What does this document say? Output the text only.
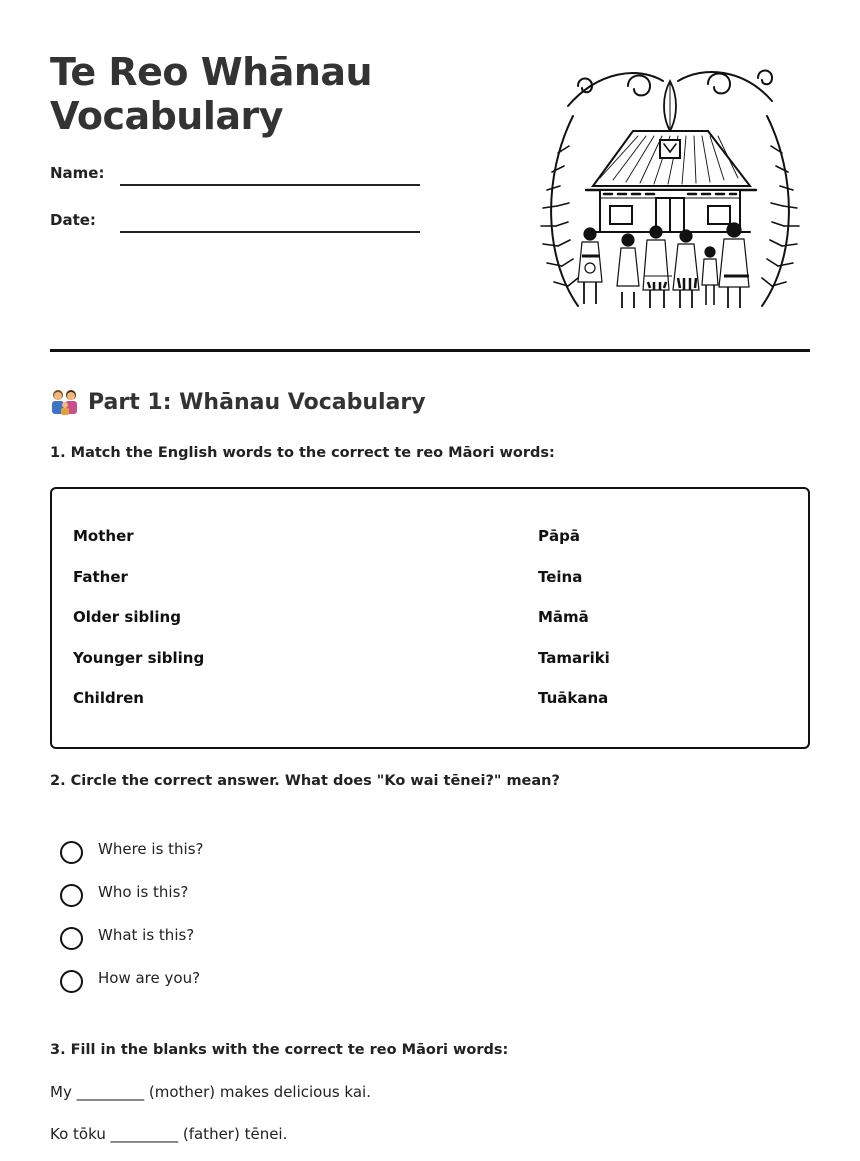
Te Reo Whānau
Vocabulary
Name:
Date:
Part 1: Whānau Vocabulary

1. Match the English words to the correct te reo Māori words:

Mother
Father
Older sibling
Younger sibling
Children
Pāpā
Teina
Māmā
Tamariki
Tuākana

2. Circle the correct answer. What does "Ko wai tēnei?" mean?

Where is this?
Who is this?
What is this?
How are you?

3. Fill in the blanks with the correct te reo Māori words:

My _________ (mother) makes delicious kai.
Ko tōku _________ (father) tēnei.
